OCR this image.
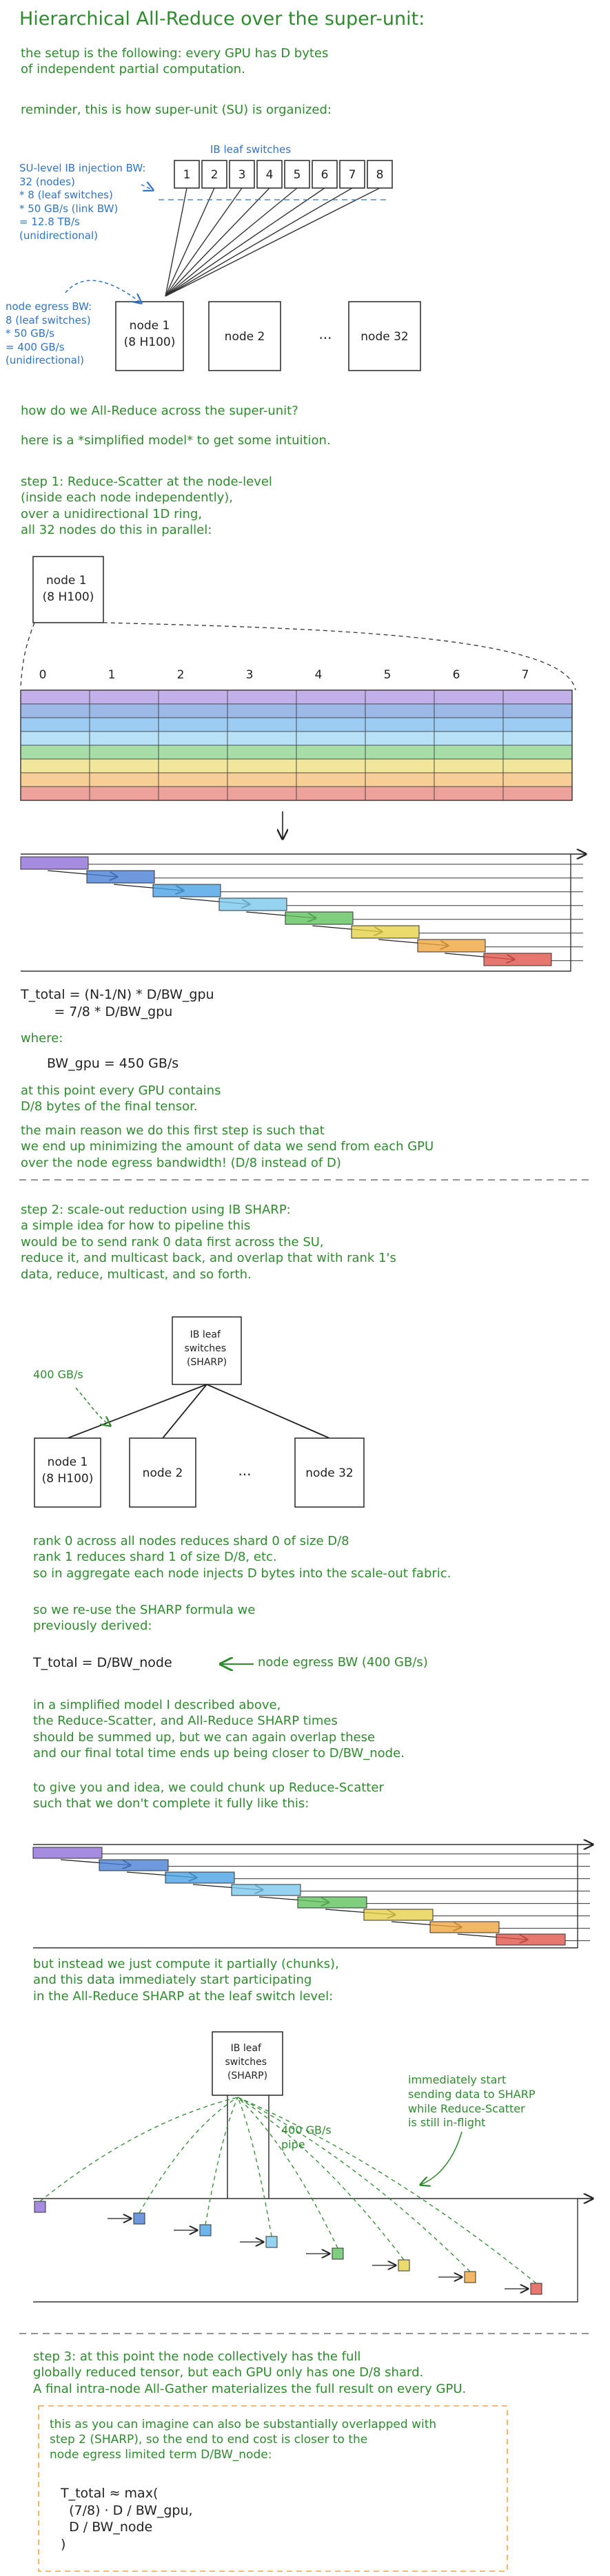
Hierarchical All-Reduce over the super-unit:
the setup is the following: every GPU has D bytes
of independent partial computation.
reminder, this is how super-unit (SU) is organized:
IB leaf switches
SU-level IB injection BW:
32 (nodes)
* 8 (leaf switches)
* 50 GB/s (link BW)
= 12.8 TB/s
(unidirectional)
node egress BW:
8 (leaf switches)
* 50 GB/s
= 400 GB/s
(unidirectional)
how do we All-Reduce across the super-unit?
here is a *simplified model* to get some intuition.
step 1: Reduce-Scatter at the node-level
(inside each node independently),
over a unidirectional 1D ring,
all 32 nodes do this in parallel:
T_total = (N-1/N) * D/BW_gpu
= 7/8 * D/BW_gpu
where:
BW_gpu = 450 GB/s
at this point every GPU contains
D/8 bytes of the final tensor.
the main reason we do this first step is such that
we end up minimizing the amount of data we send from each GPU
over the node egress bandwidth! (D/8 instead of D)
step 2: scale-out reduction using IB SHARP:
a simple idea for how to pipeline this
would be to send rank 0 data first across the SU,
reduce it, and multicast back, and overlap that with rank 1's
data, reduce, multicast, and so forth.
400 GB/s
rank 0 across all nodes reduces shard 0 of size D/8
rank 1 reduces shard 1 of size D/8, etc.
so in aggregate each node injects D bytes into the scale-out fabric.
so we re-use the SHARP formula we
previously derived:
T_total = D/BW_node	node egress BW (400 GB/s)
in a simplified model I described above,
the Reduce-Scatter, and All-Reduce SHARP times
should be summed up, but we can again overlap these
and our final total time ends up being closer to D/BW_node.
to give you and idea, we could chunk up Reduce-Scatter
such that we don't complete it fully like this:
but instead we just compute it partially (chunks),
and this data immediately start participating
in the All-Reduce SHARP at the leaf switch level:
400 GB/s
pipe
immediately start
sending data to SHARP
while Reduce-Scatter
is still in-flight
step 3: at this point the node collectively has the full
globally reduced tensor, but each GPU only has one D/8 shard.
A final intra-node All-Gather materializes the full result on every GPU.
this as you can imagine can also be substantially overlapped with
step 2 (SHARP), so the end to end cost is closer to the
node egress limited term D/BW_node:
T_total ≈ max(
(7/8) · D / BW_gpu,
D / BW_node
)
1 2 3 4 5 6 7 8
node 1
(8 H100)	node 2	... node 32
node 1 (8 H100)
0	1	2	3	4	5	6	7
IB leaf switches (SHARP)
node 1
(8 H100)	node 2	...	node 32
IB leaf switches (SHARP)
